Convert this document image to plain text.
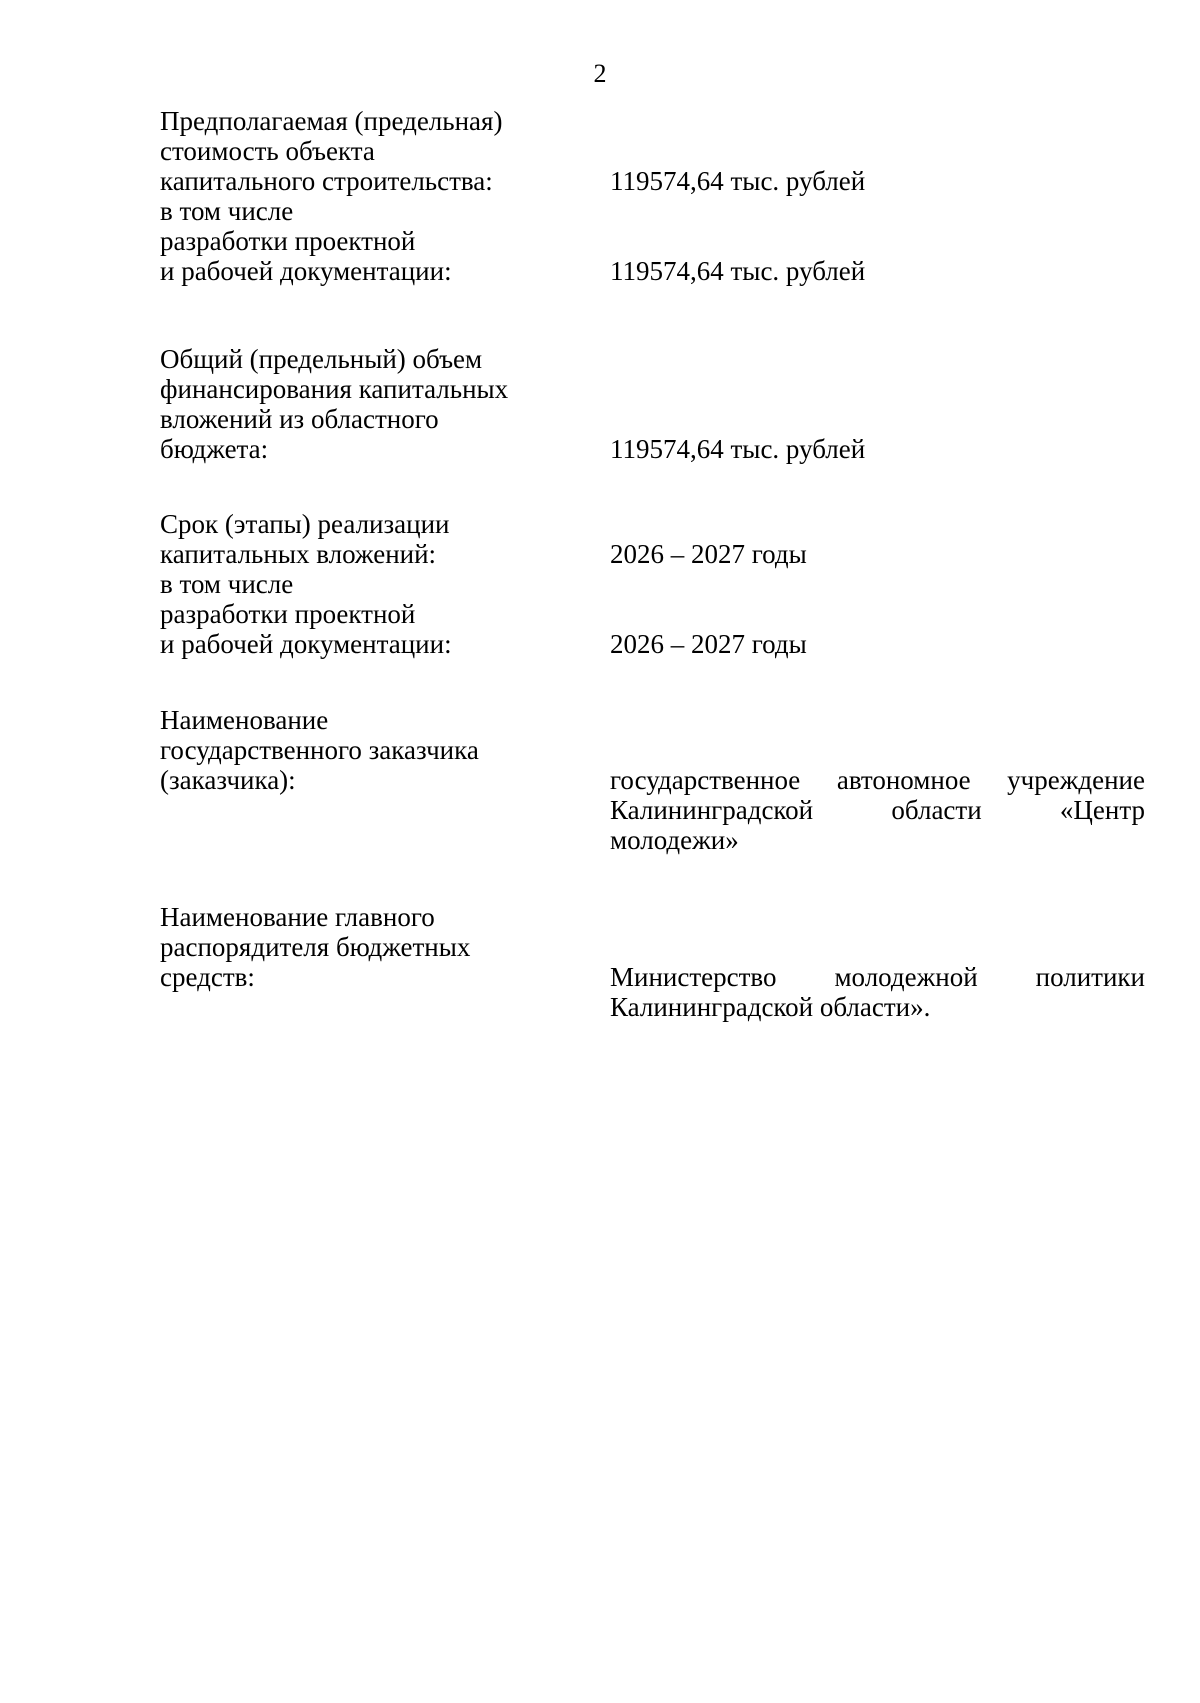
2
Предполагаемая (предельная)
стоимость объекта
капитального строительства:	119574,64 тыс. рублей
в том числе
разработки проектной
и рабочей документации:	119574,64 тыс. рублей
Общий (предельный) объем
финансирования капитальных
вложений из областного
бюджета:	119574,64 тыс. рублей
Срок (этапы) реализации
капитальных вложений:	2026 – 2027 годы
в том числе
разработки проектной
и рабочей документации:	2026 – 2027 годы
Наименование
государственного заказчика
(заказчика):	государственное автономное учреждение
Калининградской области «Центр
молодежи»
Наименование главного
распорядителя бюджетных
средств:	Министерство молодежной политики
Калининградской области».
